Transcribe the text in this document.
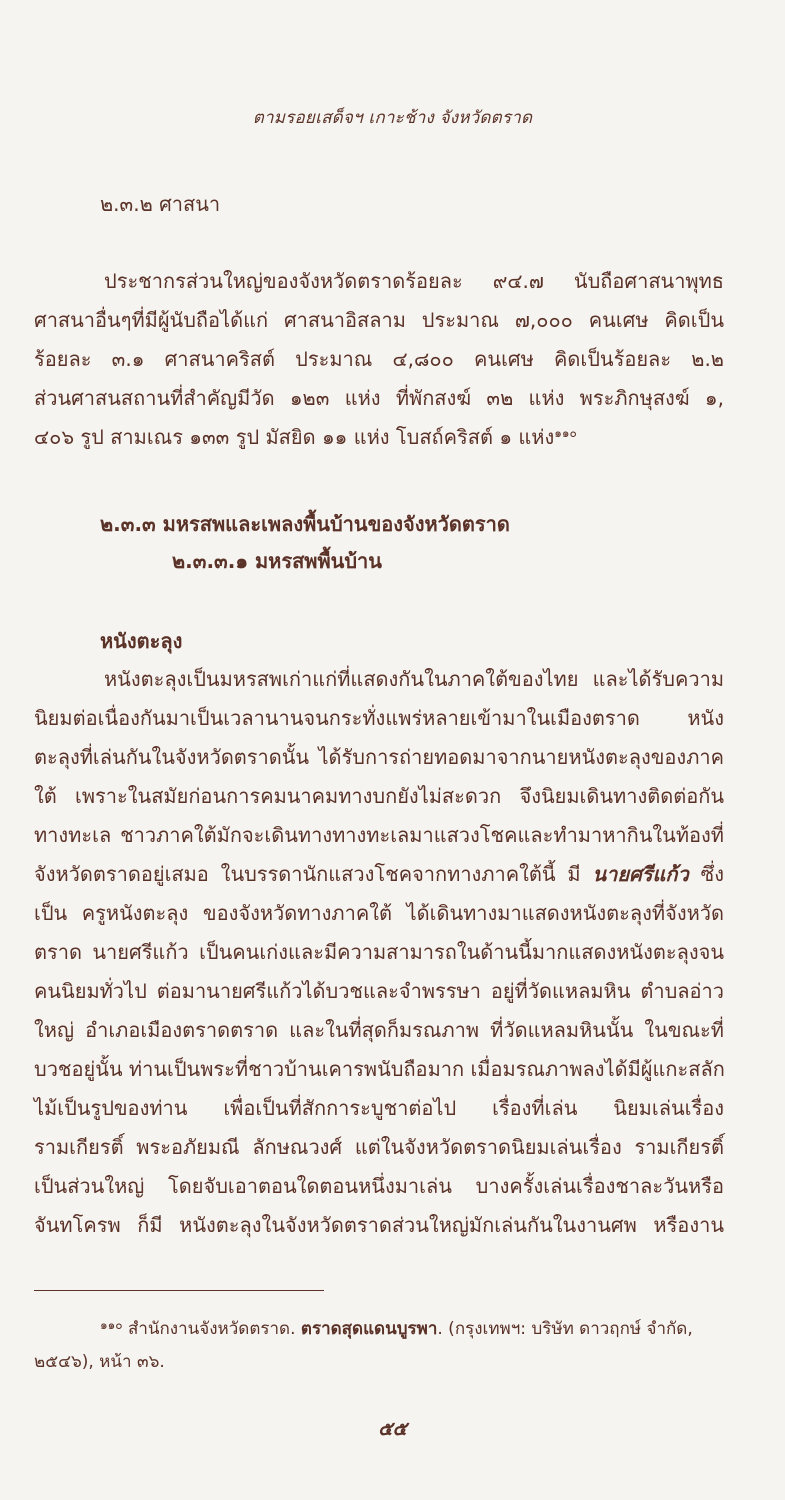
ตามรอยเสด็จฯ เกาะช้าง จังหวัดตราด
๒.๓.๒ ศาสนา
ประชากรส่วนใหญ่ของจังหวัดตราดร้อยละ ๙๔.๗ นับถือศาสนาพุทธ
ศาสนาอื่นๆที่มีผู้นับถือได้แก่ ศาสนาอิสลาม ประมาณ ๗,๐๐๐ คนเศษ คิดเป็น
ร้อยละ ๓.๑ ศาสนาคริสต์ ประมาณ ๔,๘๐๐ คนเศษ คิดเป็นร้อยละ ๒.๒
ส่วนศาสนสถานที่สำคัญมีวัด ๑๒๓ แห่ง ที่พักสงฆ์ ๓๒ แห่ง พระภิกษุสงฆ์ ๑,
๔๐๖ รูป สามเณร ๑๓๓ รูป มัสยิด ๑๑ แห่ง โบสถ์คริสต์ ๑ แห่ง$^{๑๑๐}$
๒.๓.๓ มหรสพและเพลงพื้นบ้านของจังหวัดตราด
๒.๓.๓.๑ มหรสพพื้นบ้าน
หนังตะลุง
หนังตะลุงเป็นมหรสพเก่าแก่ที่แสดงกันในภาคใต้ของไทย และได้รับความ
นิยมต่อเนื่องกันมาเป็นเวลานานจนกระทั่งแพร่หลายเข้ามาในเมืองตราด หนัง
ตะลุงที่เล่นกันในจังหวัดตราดนั้น ได้รับการถ่ายทอดมาจากนายหนังตะลุงของภาค
ใต้ เพราะในสมัยก่อนการคมนาคมทางบกยังไม่สะดวก จึงนิยมเดินทางติดต่อกัน
ทางทะเล ชาวภาคใต้มักจะเดินทางทางทะเลมาแสวงโชคและทำมาหากินในท้องที่
จังหวัดตราดอยู่เสมอ ในบรรดานักแสวงโชคจากทางภาคใต้นี้ มี นายศรีแก้ว ซึ่ง
เป็น ครูหนังตะลุง ของจังหวัดทางภาคใต้ ได้เดินทางมาแสดงหนังตะลุงที่จังหวัด
ตราด นายศรีแก้ว เป็นคนเก่งและมีความสามารถในด้านนี้มากแสดงหนังตะลุงจน
คนนิยมทั่วไป ต่อมานายศรีแก้วได้บวชและจำพรรษา อยู่ที่วัดแหลมหิน ตำบลอ่าว
ใหญ่ อำเภอเมืองตราดตราด และในที่สุดก็มรณภาพ ที่วัดแหลมหินนั้น ในขณะที่
บวชอยู่นั้น ท่านเป็นพระที่ชาวบ้านเคารพนับถือมาก เมื่อมรณภาพลงได้มีผู้แกะสลัก
ไม้เป็นรูปของท่าน เพื่อเป็นที่สักการะบูชาต่อไป เรื่องที่เล่น นิยมเล่นเรื่อง
รามเกียรติ์ พระอภัยมณี ลักษณวงศ์ แต่ในจังหวัดตราดนิยมเล่นเรื่อง รามเกียรติ์
เป็นส่วนใหญ่ โดยจับเอาตอนใดตอนหนึ่งมาเล่น บางครั้งเล่นเรื่องชาละวันหรือ
จันทโครพ ก็มี หนังตะลุงในจังหวัดตราดส่วนใหญ่มักเล่นกันในงานศพ หรืองาน
$^{๑๑๐}$ สำนักงานจังหวัดตราด. ตราดสุดแดนบูรพา. (กรุงเทพฯ: บริษัท ดาวฤกษ์ จำกัด,
๒๕๔๖), หน้า ๓๖.
๕๕
